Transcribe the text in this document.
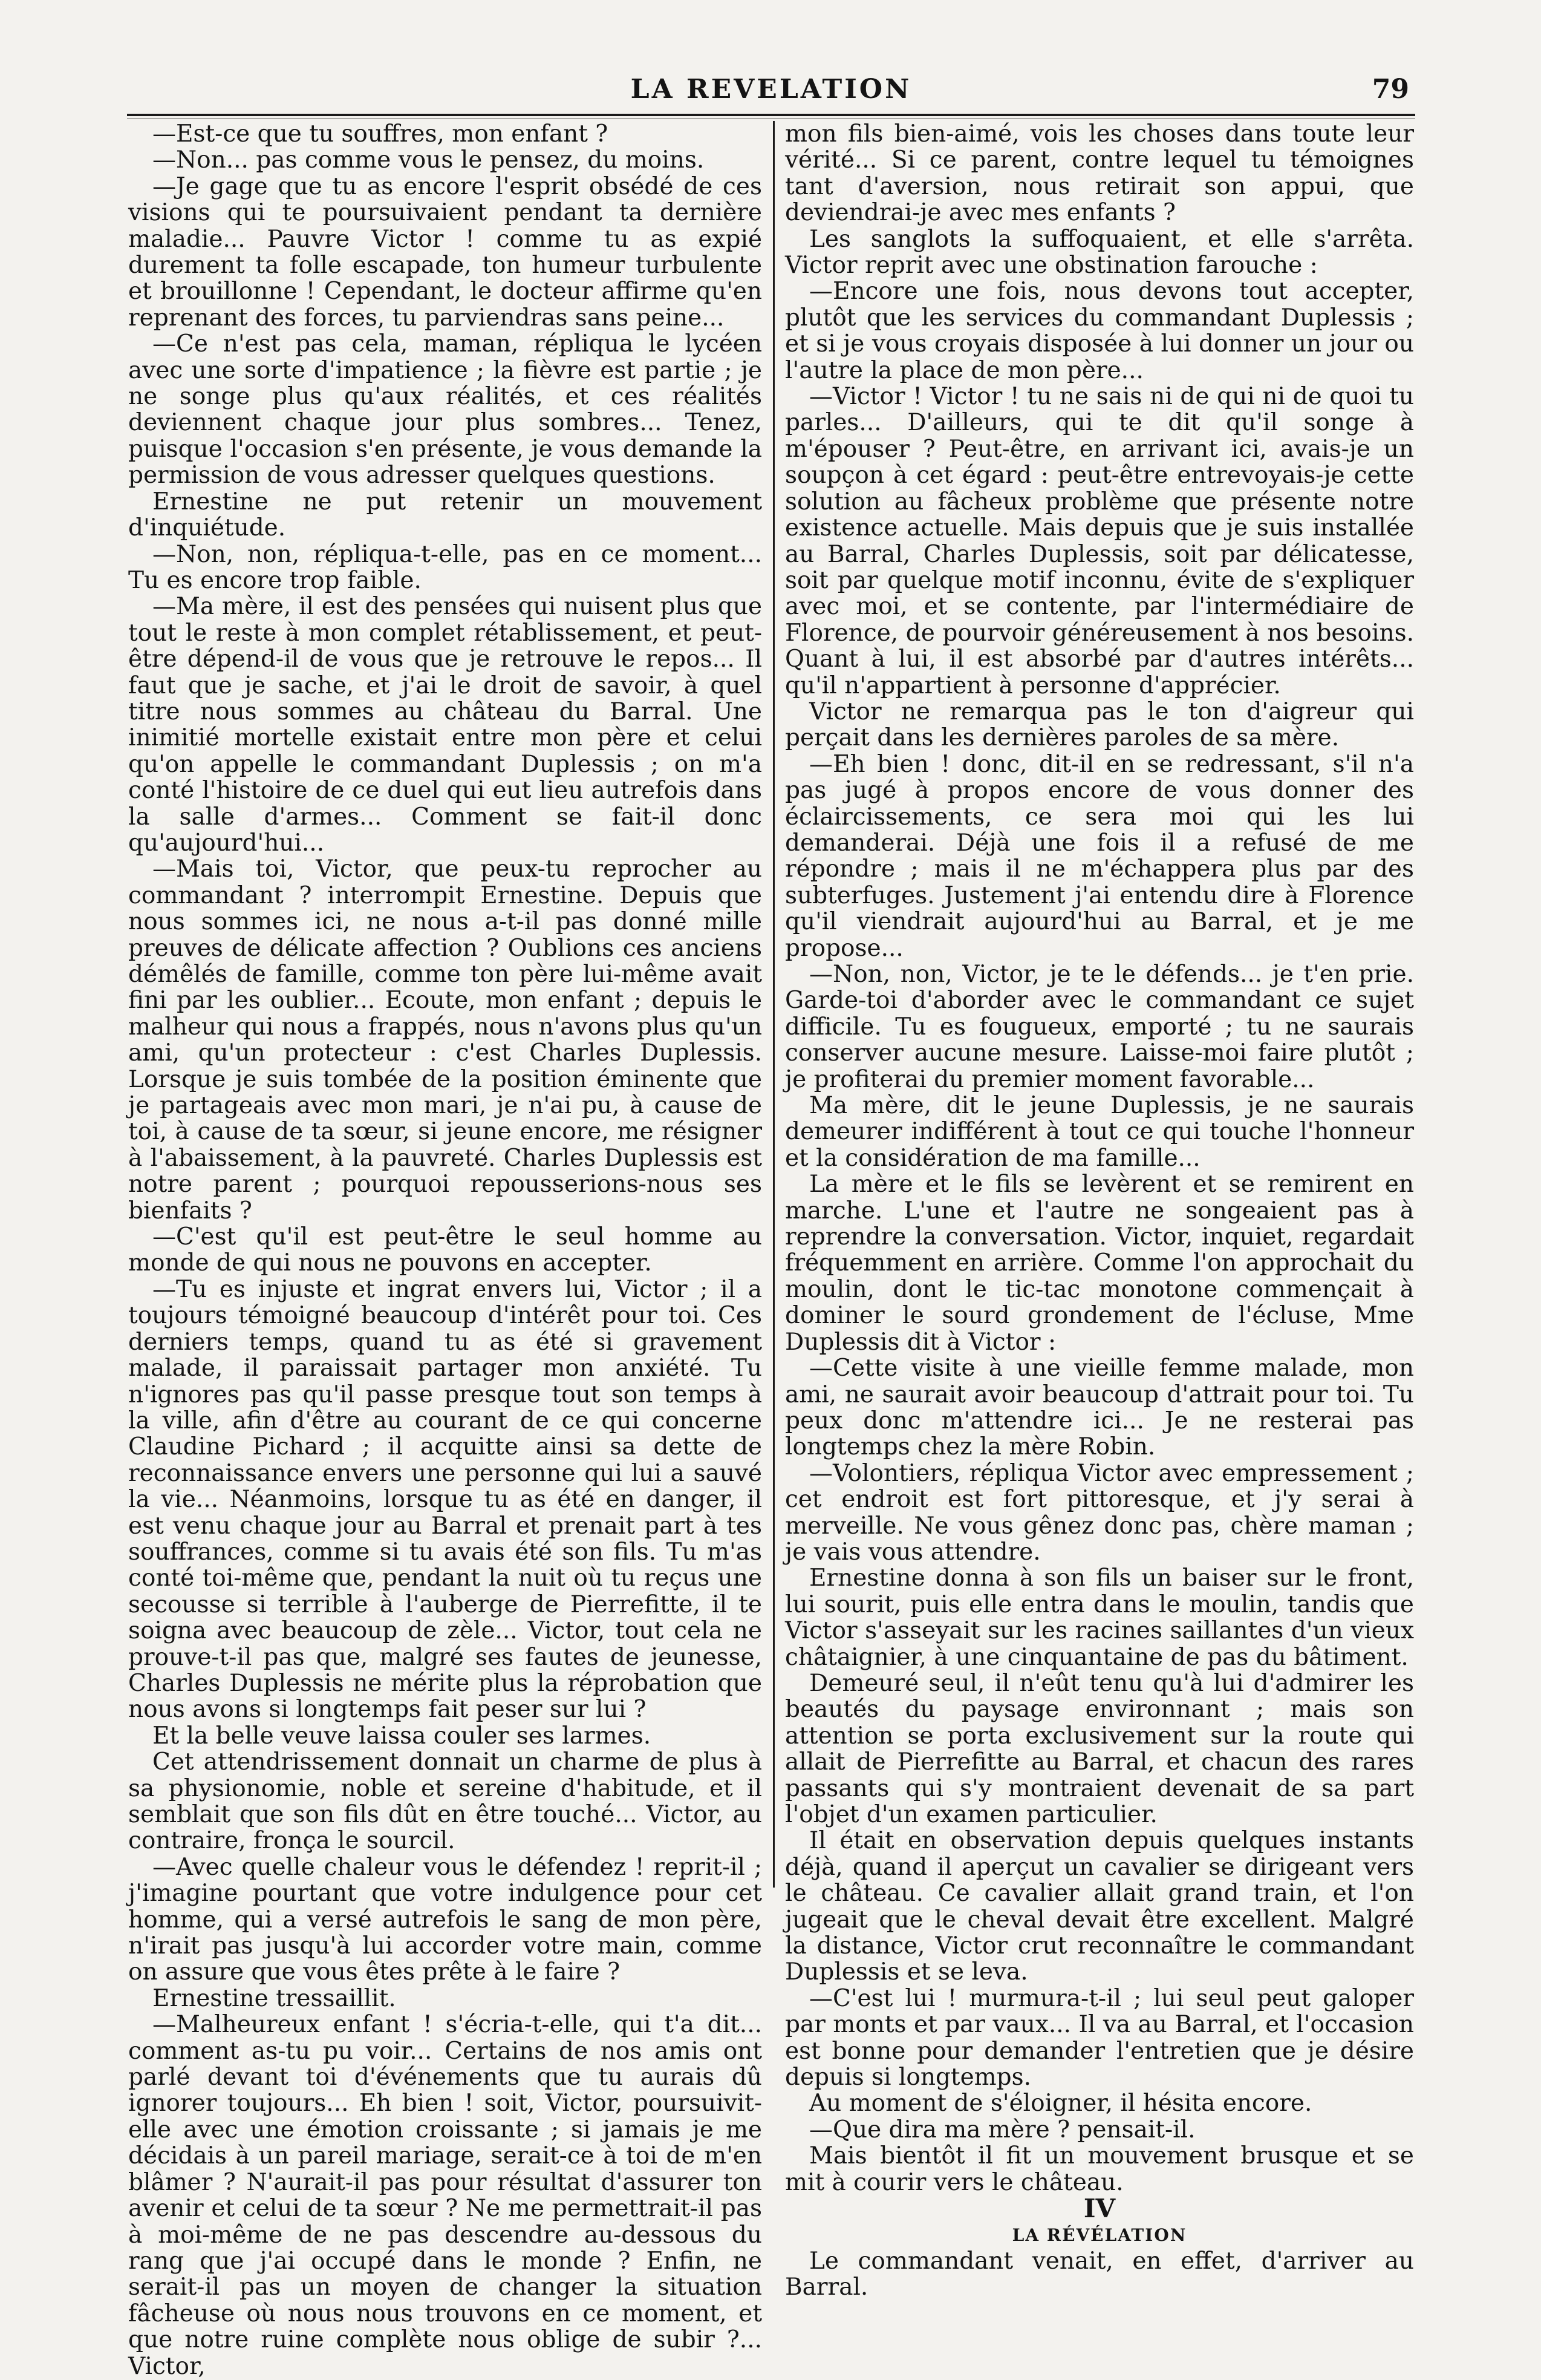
LA REVELATION	79

—Est-ce que tu souffres, mon enfant ?

—Non... pas comme vous le pensez, du moins.

—Je gage que tu as encore l'esprit obsédé de ces visions qui te poursuivaient pendant ta dernière maladie... Pauvre Victor ! comme tu as expié durement ta folle escapade, ton humeur turbulente et brouillonne ! Cependant, le docteur affirme qu'en reprenant des forces, tu parviendras sans peine...

—Ce n'est pas cela, maman, répliqua le lycéen avec une sorte d'impatience ; la fièvre est partie ; je ne songe plus qu'aux réalités, et ces réalités deviennent chaque jour plus sombres... Tenez, puisque l'occasion s'en présente, je vous demande la permission de vous adresser quelques questions.

Ernestine ne put retenir un mouvement d'inquiétude.

—Non, non, répliqua-t-elle, pas en ce moment... Tu es encore trop faible.

—Ma mère, il est des pensées qui nuisent plus que tout le reste à mon complet rétablissement, et peut-être dépend-il de vous que je retrouve le repos... Il faut que je sache, et j'ai le droit de savoir, à quel titre nous sommes au château du Barral. Une inimitié mortelle existait entre mon père et celui qu'on appelle le commandant Duplessis ; on m'a conté l'histoire de ce duel qui eut lieu autrefois dans la salle d'armes... Comment se fait-il donc qu'aujourd'hui...

—Mais toi, Victor, que peux-tu reprocher au commandant ? interrompit Ernestine. Depuis que nous sommes ici, ne nous a-t-il pas donné mille preuves de délicate affection ? Oublions ces anciens démêlés de famille, comme ton père lui-même avait fini par les oublier... Ecoute, mon enfant ; depuis le malheur qui nous a frappés, nous n'avons plus qu'un ami, qu'un protecteur : c'est Charles Duplessis. Lorsque je suis tombée de la position éminente que je partageais avec mon mari, je n'ai pu, à cause de toi, à cause de ta sœur, si jeune encore, me résigner à l'abaissement, à la pauvreté. Charles Duplessis est notre parent ; pourquoi repousserions-nous ses bienfaits ?

—C'est qu'il est peut-être le seul homme au monde de qui nous ne pouvons en accepter.

—Tu es injuste et ingrat envers lui, Victor ; il a toujours témoigné beaucoup d'intérêt pour toi. Ces derniers temps, quand tu as été si gravement malade, il paraissait partager mon anxiété. Tu n'ignores pas qu'il passe presque tout son temps à la ville, afin d'être au courant de ce qui concerne Claudine Pichard ; il acquitte ainsi sa dette de reconnaissance envers une personne qui lui a sauvé la vie... Néanmoins, lorsque tu as été en danger, il est venu chaque jour au Barral et prenait part à tes souffrances, comme si tu avais été son fils. Tu m'as conté toi-même que, pendant la nuit où tu reçus une secousse si terrible à l'auberge de Pierrefitte, il te soigna avec beaucoup de zèle... Victor, tout cela ne prouve-t-il pas que, malgré ses fautes de jeunesse, Charles Duplessis ne mérite plus la réprobation que nous avons si longtemps fait peser sur lui ?

Et la belle veuve laissa couler ses larmes.

Cet attendrissement donnait un charme de plus à sa physionomie, noble et sereine d'habitude, et il semblait que son fils dût en être touché... Victor, au contraire, fronça le sourcil.

—Avec quelle chaleur vous le défendez ! reprit-il ; j'imagine pourtant que votre indulgence pour cet homme, qui a versé autrefois le sang de mon père, n'irait pas jusqu'à lui accorder votre main, comme on assure que vous êtes prête à le faire ?

Ernestine tressaillit.

—Malheureux enfant ! s'écria-t-elle, qui t'a dit... comment as-tu pu voir... Certains de nos amis ont parlé devant toi d'événements que tu aurais dû ignorer toujours... Eh bien ! soit, Victor, poursuivit-elle avec une émotion croissante ; si jamais je me décidais à un pareil mariage, serait-ce à toi de m'en blâmer ? N'aurait-il pas pour résultat d'assurer ton avenir et celui de ta sœur ? Ne me permettrait-il pas à moi-même de ne pas descendre au-dessous du rang que j'ai occupé dans le monde ? Enfin, ne serait-il pas un moyen de changer la situation fâcheuse où nous nous trouvons en ce moment, et que notre ruine complète nous oblige de subir ?... Victor,

mon fils bien-aimé, vois les choses dans toute leur vérité... Si ce parent, contre lequel tu témoignes tant d'aversion, nous retirait son appui, que deviendrai-je avec mes enfants ?

Les sanglots la suffoquaient, et elle s'arrêta. Victor reprit avec une obstination farouche :

—Encore une fois, nous devons tout accepter, plutôt que les services du commandant Duplessis ; et si je vous croyais disposée à lui donner un jour ou l'autre la place de mon père...

—Victor ! Victor ! tu ne sais ni de qui ni de quoi tu parles... D'ailleurs, qui te dit qu'il songe à m'épouser ? Peut-être, en arrivant ici, avais-je un soupçon à cet égard : peut-être entrevoyais-je cette solution au fâcheux problème que présente notre existence actuelle. Mais depuis que je suis installée au Barral, Charles Duplessis, soit par délicatesse, soit par quelque motif inconnu, évite de s'expliquer avec moi, et se contente, par l'intermédiaire de Florence, de pourvoir généreusement à nos besoins. Quant à lui, il est absorbé par d'autres intérêts... qu'il n'appartient à personne d'apprécier.

Victor ne remarqua pas le ton d'aigreur qui perçait dans les dernières paroles de sa mère.

—Eh bien ! donc, dit-il en se redressant, s'il n'a pas jugé à propos encore de vous donner des éclaircissements, ce sera moi qui les lui demanderai. Déjà une fois il a refusé de me répondre ; mais il ne m'échappera plus par des subterfuges. Justement j'ai entendu dire à Florence qu'il viendrait aujourd'hui au Barral, et je me propose...

—Non, non, Victor, je te le défends... je t'en prie. Garde-toi d'aborder avec le commandant ce sujet difficile. Tu es fougueux, emporté ; tu ne saurais conserver aucune mesure. Laisse-moi faire plutôt ; je profiterai du premier moment favorable...

Ma mère, dit le jeune Duplessis, je ne saurais demeurer indifférent à tout ce qui touche l'honneur et la considération de ma famille...

La mère et le fils se levèrent et se remirent en marche. L'une et l'autre ne songeaient pas à reprendre la conversation. Victor, inquiet, regardait fréquemment en arrière. Comme l'on approchait du moulin, dont le tic-tac monotone commençait à dominer le sourd grondement de l'écluse, Mme Duplessis dit à Victor :

—Cette visite à une vieille femme malade, mon ami, ne saurait avoir beaucoup d'attrait pour toi. Tu peux donc m'attendre ici... Je ne resterai pas longtemps chez la mère Robin.

—Volontiers, répliqua Victor avec empressement ; cet endroit est fort pittoresque, et j'y serai à merveille. Ne vous gênez donc pas, chère maman ; je vais vous attendre.

Ernestine donna à son fils un baiser sur le front, lui sourit, puis elle entra dans le moulin, tandis que Victor s'asseyait sur les racines saillantes d'un vieux châtaignier, à une cinquantaine de pas du bâtiment.

Demeuré seul, il n'eût tenu qu'à lui d'admirer les beautés du paysage environnant ; mais son attention se porta exclusivement sur la route qui allait de Pierrefitte au Barral, et chacun des rares passants qui s'y montraient devenait de sa part l'objet d'un examen particulier.

Il était en observation depuis quelques instants déjà, quand il aperçut un cavalier se dirigeant vers le château. Ce cavalier allait grand train, et l'on jugeait que le cheval devait être excellent. Malgré la distance, Victor crut reconnaître le commandant Duplessis et se leva.

—C'est lui ! murmura-t-il ; lui seul peut galoper par monts et par vaux... Il va au Barral, et l'occasion est bonne pour demander l'entretien que je désire depuis si longtemps.

Au moment de s'éloigner, il hésita encore.

—Que dira ma mère ? pensait-il.

Mais bientôt il fit un mouvement brusque et se mit à courir vers le château.

IV

LA RÉVÉLATION

Le commandant venait, en effet, d'arriver au Barral.
